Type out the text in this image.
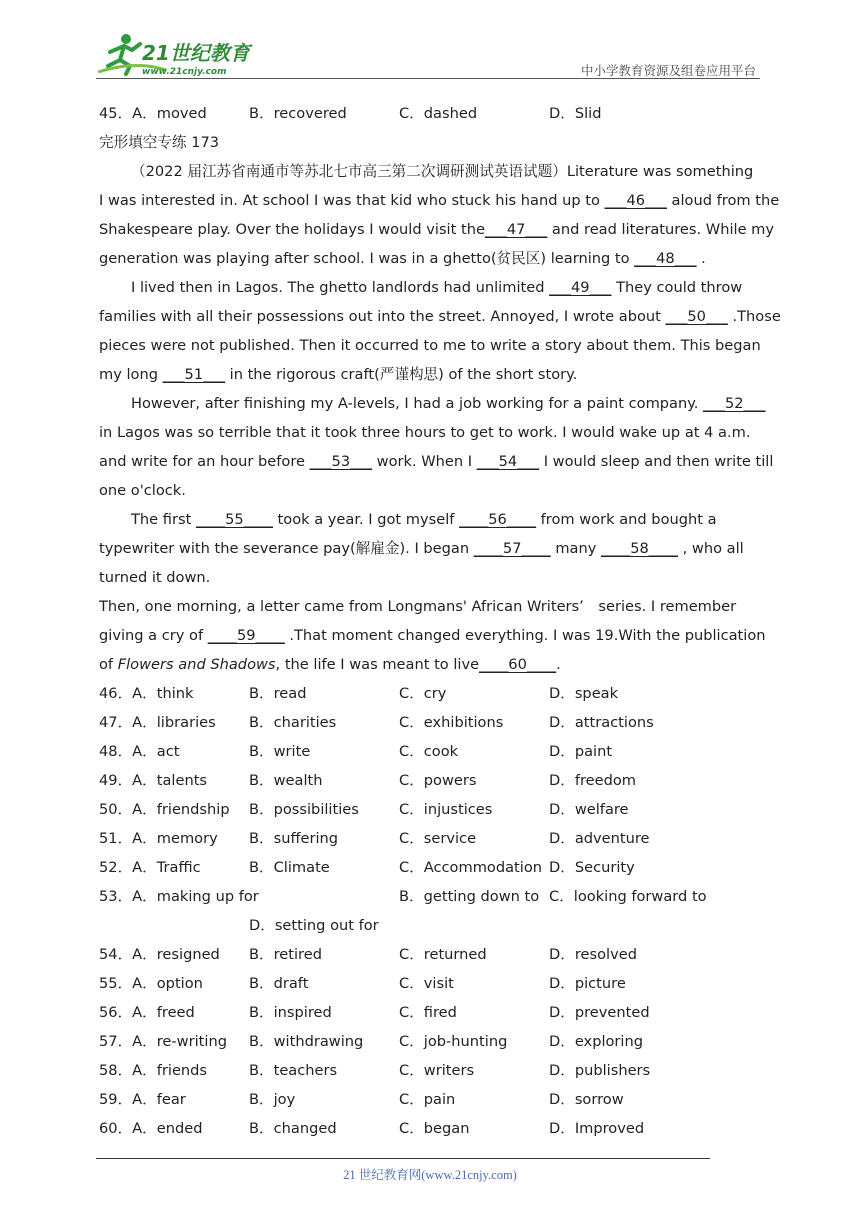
21世纪教育
www.21cnjy.com	中小学教育资源及组卷应用平台
45．A．moved	B．recovered	C．dashed	D．Slid
完形填空专练 173
（2022 届江苏省南通市等苏北七市高三第二次调研测试英语试题）Literature was something
I was interested in. At school I was that kid who stuck his hand up to ___46___ aloud from the
Shakespeare play. Over the holidays I would visit the___47___ and read literatures. While my
generation was playing after school. I was in a ghetto(贫民区) learning to ___48___ .
I lived then in Lagos. The ghetto landlords had unlimited ___49___ They could throw
families with all their possessions out into the street. Annoyed, I wrote about ___50___ .Those
pieces were not published. Then it occurred to me to write a story about them. This began
my long ___51___ in the rigorous craft(严谨构思) of the short story.
However, after finishing my A-levels, I had a job working for a paint company. ___52___
in Lagos was so terrible that it took three hours to get to work. I would wake up at 4 a.m.
and write for an hour before ___53___ work. When I ___54___ I would sleep and then write till
one o'clock.
The first ____55____ took a year. I got myself ____56____ from work and bought a
typewriter with the severance pay(解雇金). I began ____57____ many ____58____ , who all
turned it down.
Then, one morning, a letter came from Longmans' African Writers’　series. I remember
giving a cry of ____59____ .That moment changed everything. I was 19.With the publication
of Flowers and Shadows, the life I was meant to live____60____.
46．A．think	B．read	C．cry	D．speak
47．A．libraries	B．charities	C．exhibitions	D．attractions
48．A．act	B．write	C．cook	D．paint
49．A．talents	B．wealth	C．powers	D．freedom
50．A．friendship	B．possibilities	C．injustices	D．welfare
51．A．memory	B．suffering	C．service	D．adventure
52．A．Traffic	B．Climate	C．Accommodation D．Security
53．A．making up for	B．getting down to C．looking forward to
D．setting out for
54．A．resigned	B．retired	C．returned	D．resolved
55．A．option	B．draft	C．visit	D．picture
56．A．freed	B．inspired	C．fired	D．prevented
57．A．re-writing	B．withdrawing	C．job-hunting	D．exploring
58．A．friends	B．teachers	C．writers	D．publishers
59．A．fear	B．joy	C．pain	D．sorrow
60．A．ended	B．changed	C．began	D．Improved
21 世纪教育网(www.21cnjy.com)
